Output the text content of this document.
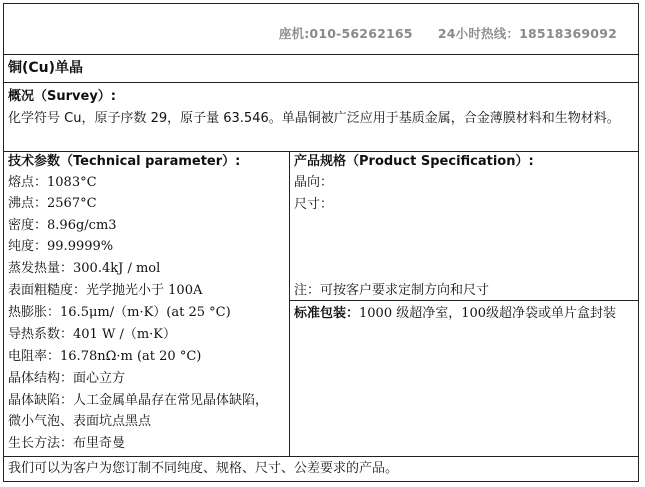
座机:010-56262165 24小时热线：18518369092
铜(Cu)单晶
概况（Survey）:
化学符号 Cu，原子序数 29，原子量 63.546。单晶铜被广泛应用于基质金属，合金薄膜材料和生物材料。
技术参数（Technical parameter）:
熔点：1083°C
沸点：2567°C
密度：8.96g/cm3
纯度：99.9999%
蒸发热量：300.4kJ / mol
表面粗糙度：光学抛光小于 100A
热膨胀：16.5μm/（m·K）(at 25 °C)
导热系数：401 W /（m·K）
电阻率：16.78nΩ·m (at 20 °C)
晶体结构：面心立方
晶体缺陷：人工金属单晶存在常见晶体缺陷，
微小气泡、表面坑点黑点
生长方法：布里奇曼
产品规格（Product Specification）:
晶向：
尺寸：
注：可按客户要求定制方向和尺寸
标准包装：1000 级超净室，100级超净袋或单片盒封装
我们可以为客户为您订制不同纯度、规格、尺寸、公差要求的产品。
